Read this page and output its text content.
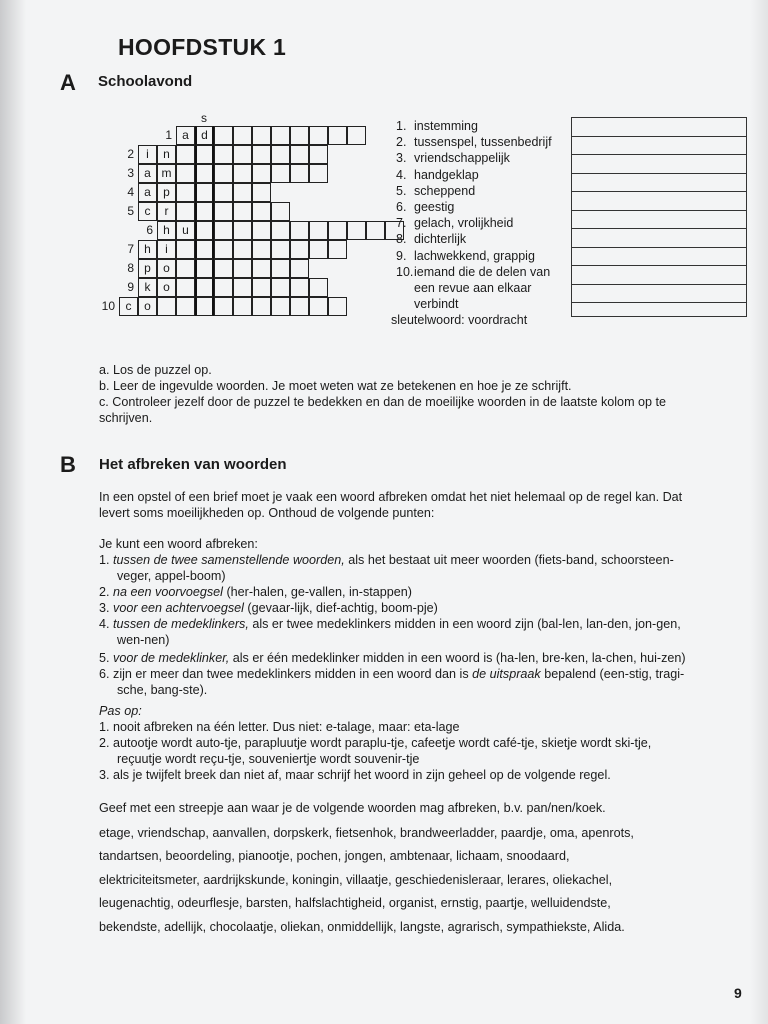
HOOFDSTUK 1
A Schoolavond
s
1 a	d
2	i	n
3 a m
4 a	p
5 c	r
6 h	u
7 h	i
8 p	o
9 k	o
10 c	o
1. instemming
2. tussenspel, tussenbedrijf
3. vriendschappelijk
4. handgeklap
5. scheppend
6. geestig
7. gelach, vrolijkheid
8. dichterlijk
9. lachwekkend, grappig
10.iemand die de delen van
een revue aan elkaar
verbindt
sleutelwoord: voordracht
a. Los de puzzel op.
b. Leer de ingevulde woorden. Je moet weten wat ze betekenen en hoe je ze schrijft.
c. Controleer jezelf door de puzzel te bedekken en dan de moeilijke woorden in de laatste kolom op te
schrijven.
B Het afbreken van woorden
In een opstel of een brief moet je vaak een woord afbreken omdat het niet helemaal op de regel kan. Dat
levert soms moeilijkheden op. Onthoud de volgende punten:
Je kunt een woord afbreken:
1. tussen de twee samenstellende woorden, als het bestaat uit meer woorden (fiets-band, schoorsteen-
veger, appel-boom)
2. na een voorvoegsel (her-halen, ge-vallen, in-stappen)
3. voor een achtervoegsel (gevaar-lijk, dief-achtig, boom-pje)
4. tussen de medeklinkers, als er twee medeklinkers midden in een woord zijn (bal-len, lan-den, jon-gen,
wen-nen)
5. voor de medeklinker, als er één medeklinker midden in een woord is (ha-len, bre-ken, la-chen, hui-zen)
6. zijn er meer dan twee medeklinkers midden in een woord dan is de uitspraak bepalend (een-stig, tragi-
sche, bang-ste).
Pas op:
1. nooit afbreken na één letter. Dus niet: e-talage, maar: eta-lage
2. autootje wordt auto-tje, parapluutje wordt paraplu-tje, cafeetje wordt café-tje, skietje wordt ski-tje,
reçuutje wordt reçu-tje, souveniertje wordt souvenir-tje
3. als je twijfelt breek dan niet af, maar schrijf het woord in zijn geheel op de volgende regel.
Geef met een streepje aan waar je de volgende woorden mag afbreken, b.v. pan/nen/koek.
etage, vriendschap, aanvallen, dorpskerk, fietsenhok, brandweerladder, paardje, oma, apenrots,
tandartsen, beoordeling, pianootje, pochen, jongen, ambtenaar, lichaam, snoodaard,
elektriciteitsmeter, aardrijkskunde, koningin, villaatje, geschiedenisleraar, lerares, oliekachel,
leugenachtig, odeurflesje, barsten, halfslachtigheid, organist, ernstig, paartje, welluidendste,
bekendste, adellijk, chocolaatje, oliekan, onmiddellijk, langste, agrarisch, sympathiekste, Alida.
9
